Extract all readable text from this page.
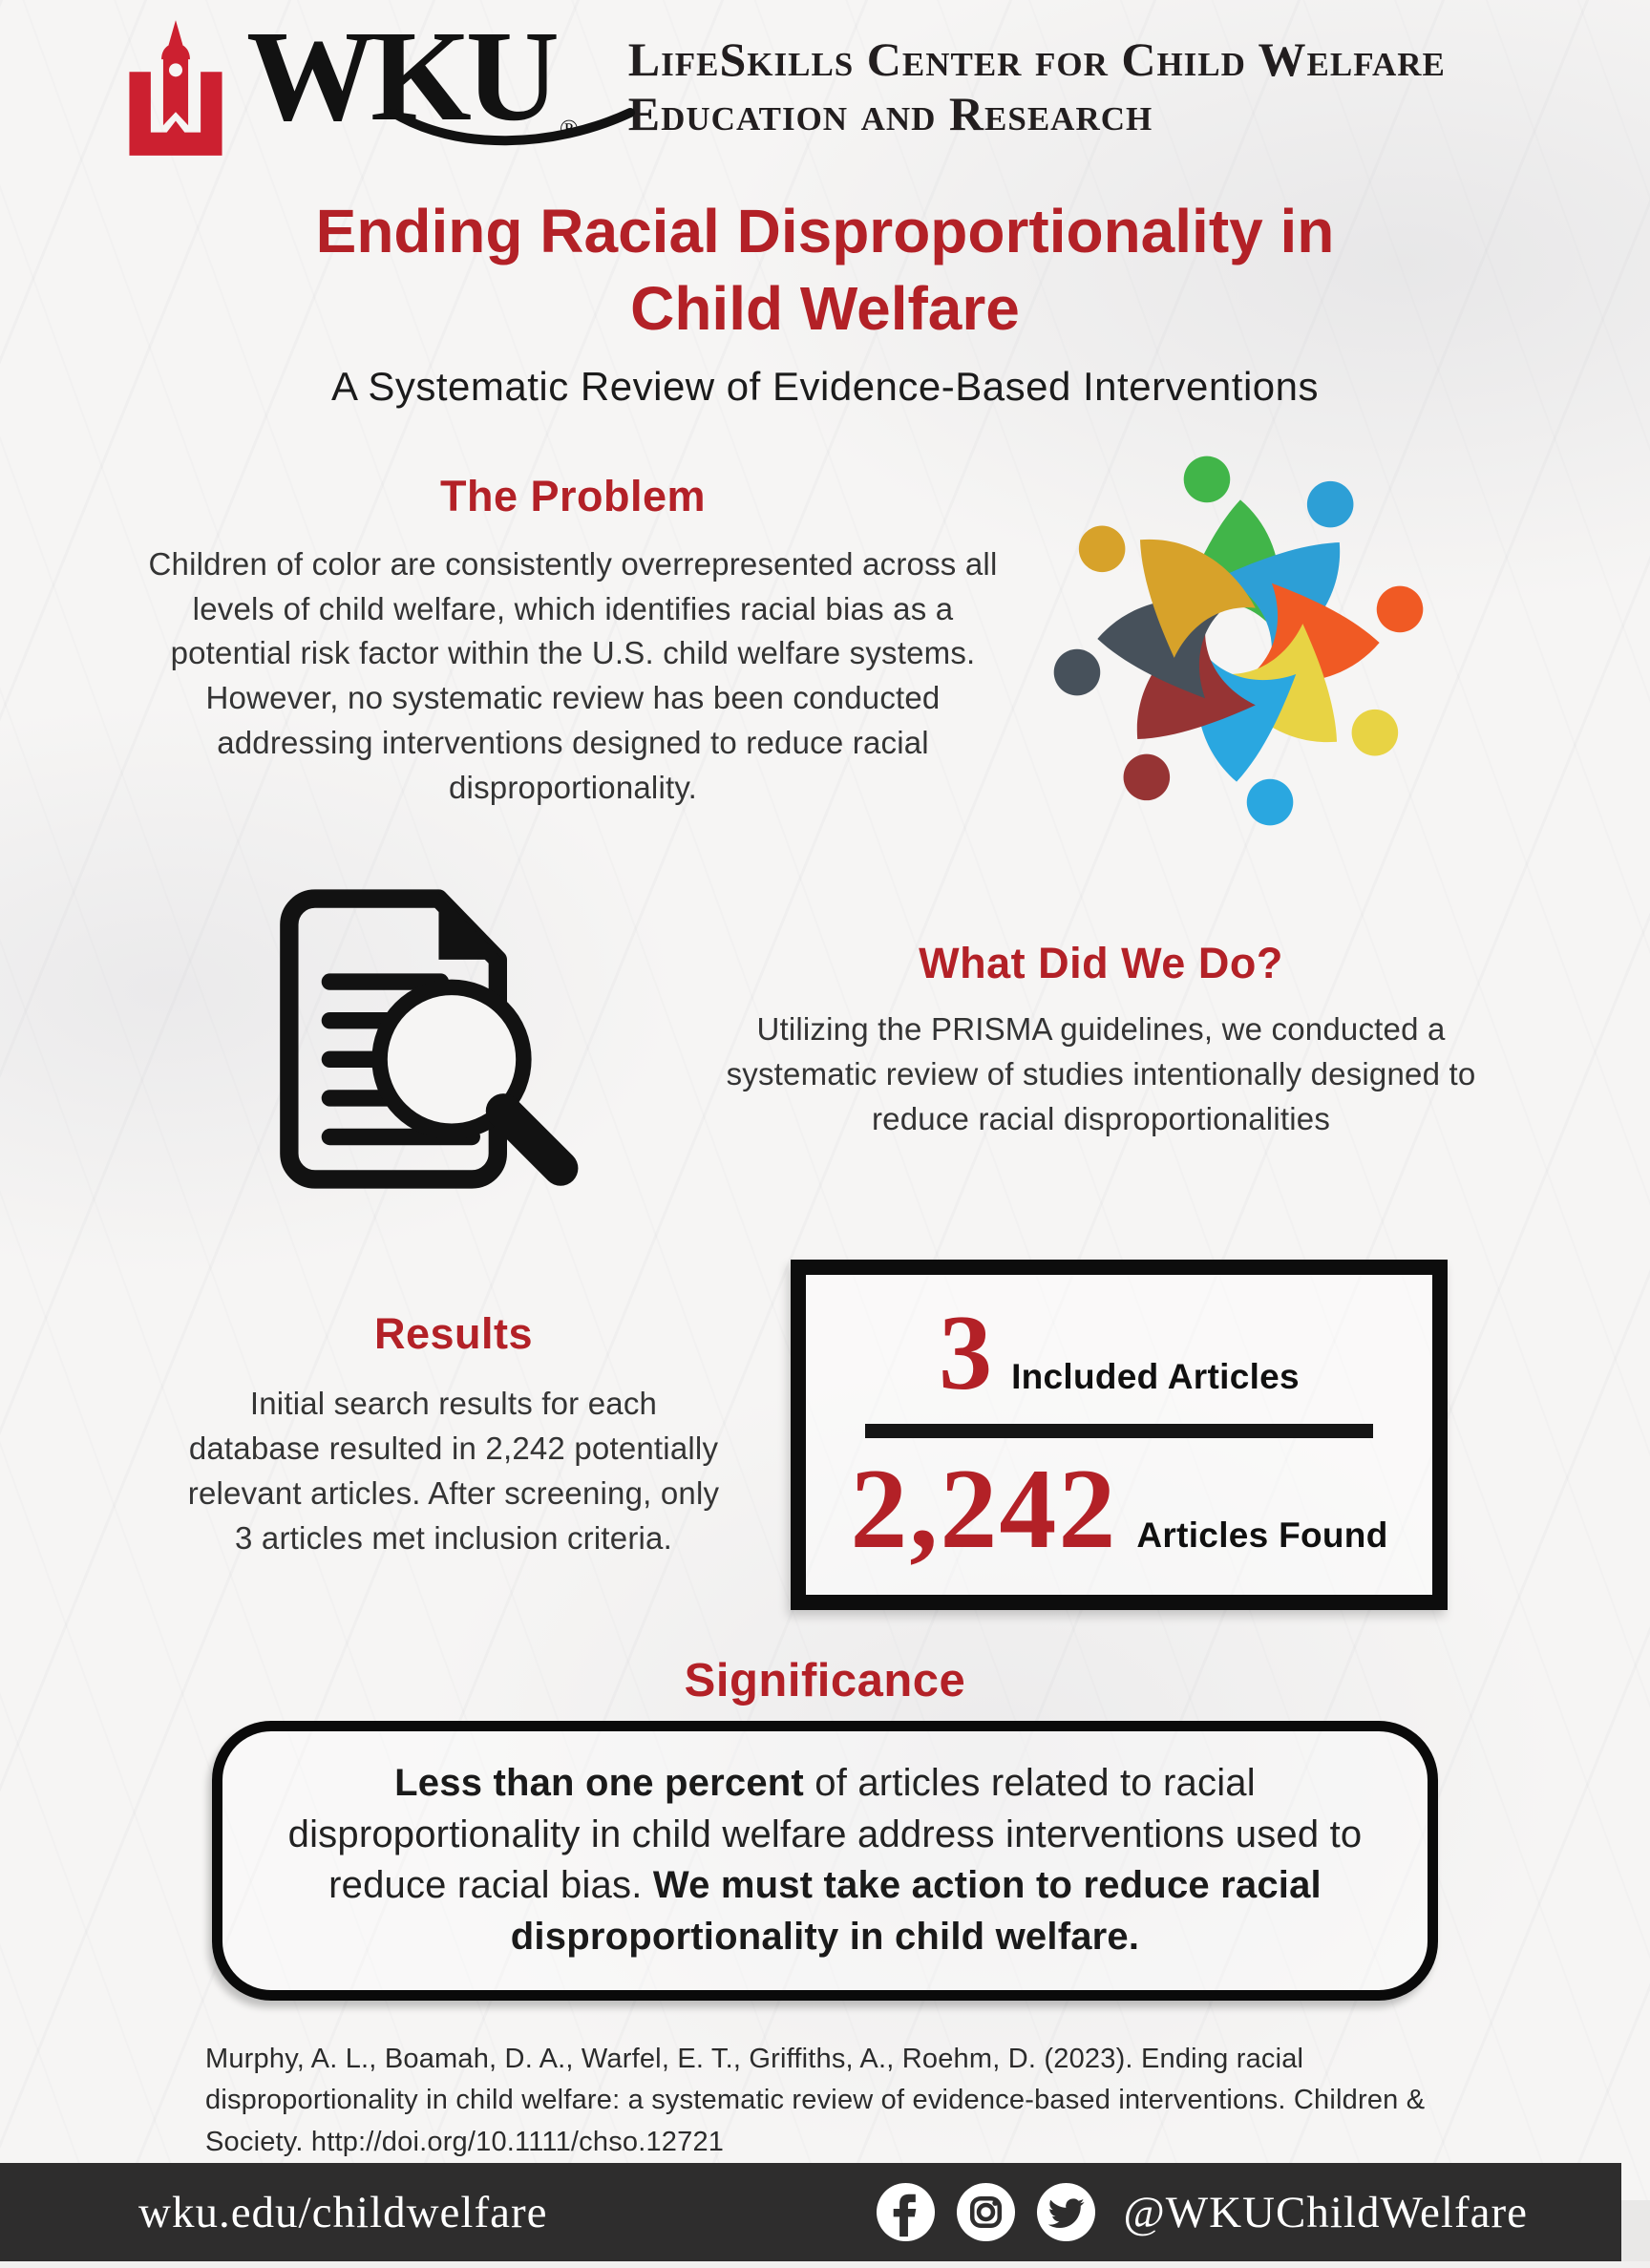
WKU ®
LifeSkills Center for Child Welfare
Education and Research
Ending Racial Disproportionality in Child Welfare
A Systematic Review of Evidence-Based Interventions
The Problem
Children of color are consistently overrepresented across all levels of child welfare, which identifies racial bias as a potential risk factor within the U.S. child welfare systems. However, no systematic review has been conducted addressing interventions designed to reduce racial disproportionality.
What Did We Do?
Utilizing the PRISMA guidelines, we conducted a systematic review of studies intentionally designed to reduce racial disproportionalities
Results
Initial search results for each database resulted in 2,242 potentially relevant articles. After screening, only 3 articles met inclusion criteria.
3 Included Articles
2,242 Articles Found
Significance
Less than one percent of articles related to racial disproportionality in child welfare address interventions used to reduce racial bias. We must take action to reduce racial disproportionality in child welfare.
Murphy, A. L., Boamah, D. A., Warfel, E. T., Griffiths, A., Roehm, D. (2023). Ending racial disproportionality in child welfare: a systematic review of evidence-based interventions. Children & Society. http://doi.org/10.1111/chso.12721
wku.edu/childwelfare	@WKUChildWelfare
